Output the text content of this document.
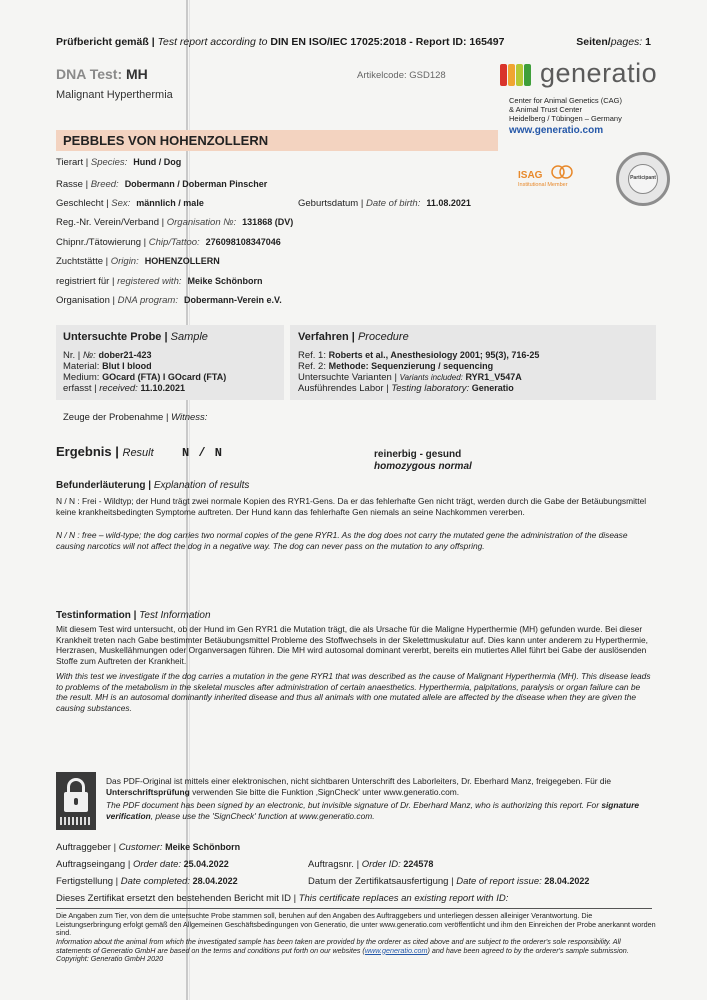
Prüfbericht gemäß | Test report according to DIN EN ISO/IEC 17025:2018 - Report ID: 165497	Seiten/pages: 1
DNA Test: MH
Malignant Hyperthermia
Artikelcode: GSD128	generatio
Center for Animal Genetics (CAG)
& Animal Trust Center
Heidelberg / Tübingen – Germany
www.generatio.com
PEBBLES VON HOHENZOLLERN
Tierart | Species: Hund / Dog
Rasse | Breed: Dobermann / Doberman Pinscher
Geschlecht | Sex: männlich / male	Geburtsdatum | Date of birth: 11.08.2021
Reg.-Nr. Verein/Verband | Organisation №: 131868 (DV)
Chipnr./Tätowierung | Chip/Tattoo: 276098108347046
Zuchtstätte | Origin: HOHENZOLLERN
registriert für | registered with: Meike Schönborn
Organisation | DNA program: Dobermann-Verein e.V.
ISAG
Institutional Member
Participant
Untersuchte Probe | Sample
Nr. | №: dober21-423
Material: Blut I blood
Medium: GOcard (FTA) I GOcard (FTA)
erfasst | received: 11.10.2021
Verfahren | Procedure
Ref. 1: Roberts et al., Anesthesiology 2001; 95(3), 716-25
Ref. 2: Methode: Sequenzierung / sequencing
Untersuchte Varianten | Variants included: RYR1_V547A
Ausführendes Labor | Testing laboratory: Generatio
Zeuge der Probenahme | Witness:
Ergebnis | Result N / N	reinerbig - gesund
homozygous normal
Befunderläuterung | Explanation of results
N / N : Frei - Wildtyp; der Hund trägt zwei normale Kopien des RYR1-Gens. Da er das fehlerhafte Gen nicht trägt, werden durch die Gabe der Betäubungsmittel keine krankheitsbedingten Symptome auftreten. Der Hund kann das fehlerhafte Gen niemals an seine Nachkommen vererben.
N / N : free – wild-type; the dog carries two normal copies of the gene RYR1. As the dog does not carry the mutated gene the administration of the disease causing narcotics will not affect the dog in a negative way. The dog can never pass on the mutation to any offspring.
Testinformation | Test Information
Mit diesem Test wird untersucht, ob der Hund im Gen RYR1 die Mutation trägt, die als Ursache für die Maligne Hyperthermie (MH) gefunden wurde. Bei dieser Krankheit treten nach Gabe bestimmter Betäubungsmittel Probleme des Stoffwechsels in der Skelettmuskulatur auf. Dies kann unter anderem zu Hyperthermie, Herzrasen, Muskellähmungen oder Organversagen führen. Die MH wird autosomal dominant vererbt, bereits ein mutiertes Allel führt bei Gabe der auslösenden Stoffe zum Auftreten der Krankheit.
With this test we investigate if the dog carries a mutation in the gene RYR1 that was described as the cause of Malignant Hyperthermia (MH). This disease leads to problems of the metabolism in the skeletal muscles after administration of certain anaesthetics. Hyperthermia, palpitations, paralysis or organ failure can be the result. MH is an autosomal dominantly inherited disease and thus all animals with one mutated allele are affected by the disease when they are given the causing substances.
Das PDF-Original ist mittels einer elektronischen, nicht sichtbaren Unterschrift des Laborleiters, Dr. Eberhard Manz, freigegeben. Für die Unterschriftsprüfung verwenden Sie bitte die Funktion ‚SignCheck' unter www.generatio.com.
The PDF document has been signed by an electronic, but invisible signature of Dr. Eberhard Manz, who is authorizing this report. For signature verification, please use the 'SignCheck' function at www.generatio.com.
Auftraggeber | Customer: Meike Schönborn
Auftragseingang | Order date: 25.04.2022	Auftragsnr. | Order ID: 224578
Fertigstellung | Date completed: 28.04.2022	Datum der Zertifikatsausfertigung | Date of report issue: 28.04.2022
Dieses Zertifikat ersetzt den bestehenden Bericht mit ID | This certificate replaces an existing report with ID:
Die Angaben zum Tier, von dem die untersuchte Probe stammen soll, beruhen auf den Angaben des Auftraggebers und unterliegen dessen alleiniger Verantwortung. Die Leistungserbringung erfolgt gemäß den Allgemeinen Geschäftsbedingungen von Generatio, die unter www.generatio.com veröffentlicht und ihm den Einreichen der Probe anerkannt worden sind.
Information about the animal from which the investigated sample has been taken are provided by the orderer as cited above and are subject to the orderer's sole responsibility. All statements of Generatio GmbH are based on the terms and conditions put forth on our websites (www.generatio.com) and have been agreed to by the orderer's sample submission. Copyright: Generatio GmbH 2020
